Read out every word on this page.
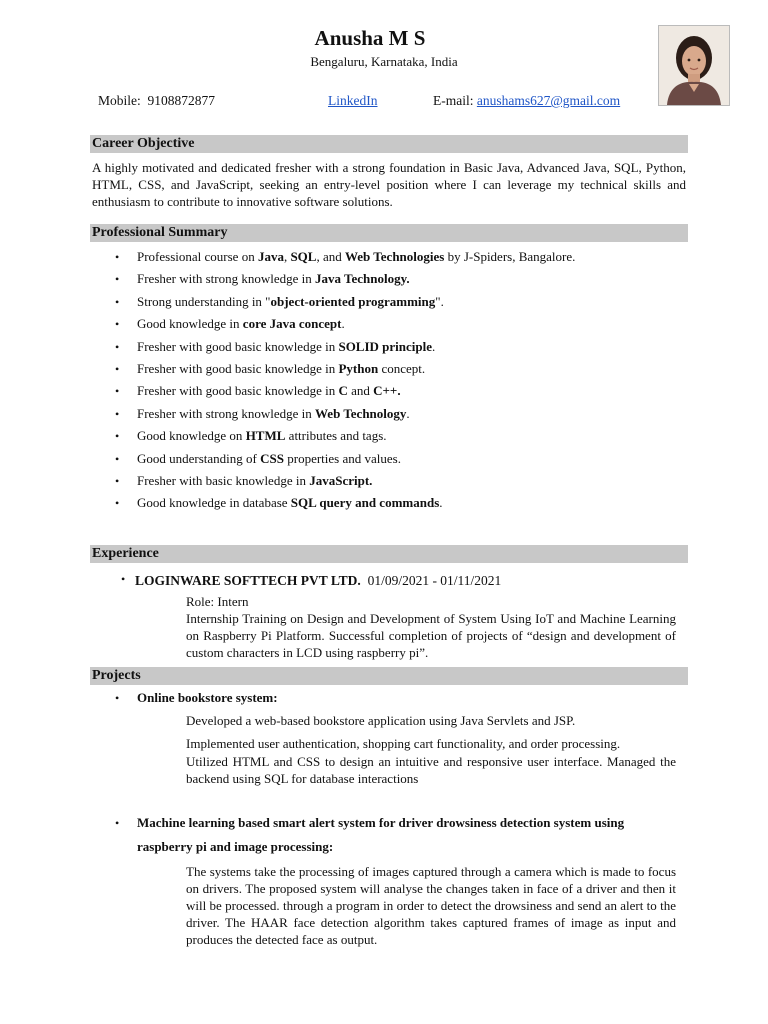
Anusha M S
Bengaluru, Karnataka, India
Mobile: 9108872877	LinkedIn	E-mail: anushams627@gmail.com
Career Objective
A highly motivated and dedicated fresher with a strong foundation in Basic Java, Advanced Java, SQL, Python, HTML, CSS, and JavaScript, seeking an entry-level position where I can leverage my technical skills and enthusiasm to contribute to innovative software solutions.
Professional Summary
Experience
• LOGINWARE SOFTTECH PVT LTD. 01/09/2021 - 01/11/2021
Role: Intern
Internship Training on Design and Development of System Using IoT and Machine Learning on Raspberry Pi Platform. Successful completion of projects of “design and development of custom characters in LCD using raspberry pi”.
Projects
• Online bookstore system:
Developed a web-based bookstore application using Java Servlets and JSP.
Implemented user authentication, shopping cart functionality, and order processing.
Utilized HTML and CSS to design an intuitive and responsive user interface. Managed the backend using SQL for database interactions
• Machine learning based smart alert system for driver drowsiness detection system using
raspberry pi and image processing:
The systems take the processing of images captured through a camera which is made to focus on drivers. The proposed system will analyse the changes taken in face of a driver and then it will be processed. through a program in order to detect the drowsiness and send an alert to the driver. The HAAR face detection algorithm takes captured frames of image as input and produces the detected face as output.
• Professional course on Java, SQL, and Web Technologies by J-Spiders, Bangalore.
• Fresher with strong knowledge in Java Technology.
• Strong understanding in "object-oriented programming".
• Good knowledge in core Java concept.
• Fresher with good basic knowledge in SOLID principle.
• Fresher with good basic knowledge in Python concept.
• Fresher with good basic knowledge in C and C++.
• Fresher with strong knowledge in Web Technology.
• Good knowledge on HTML attributes and tags.
• Good understanding of CSS properties and values.
• Fresher with basic knowledge in JavaScript.
• Good knowledge in database SQL query and commands.
